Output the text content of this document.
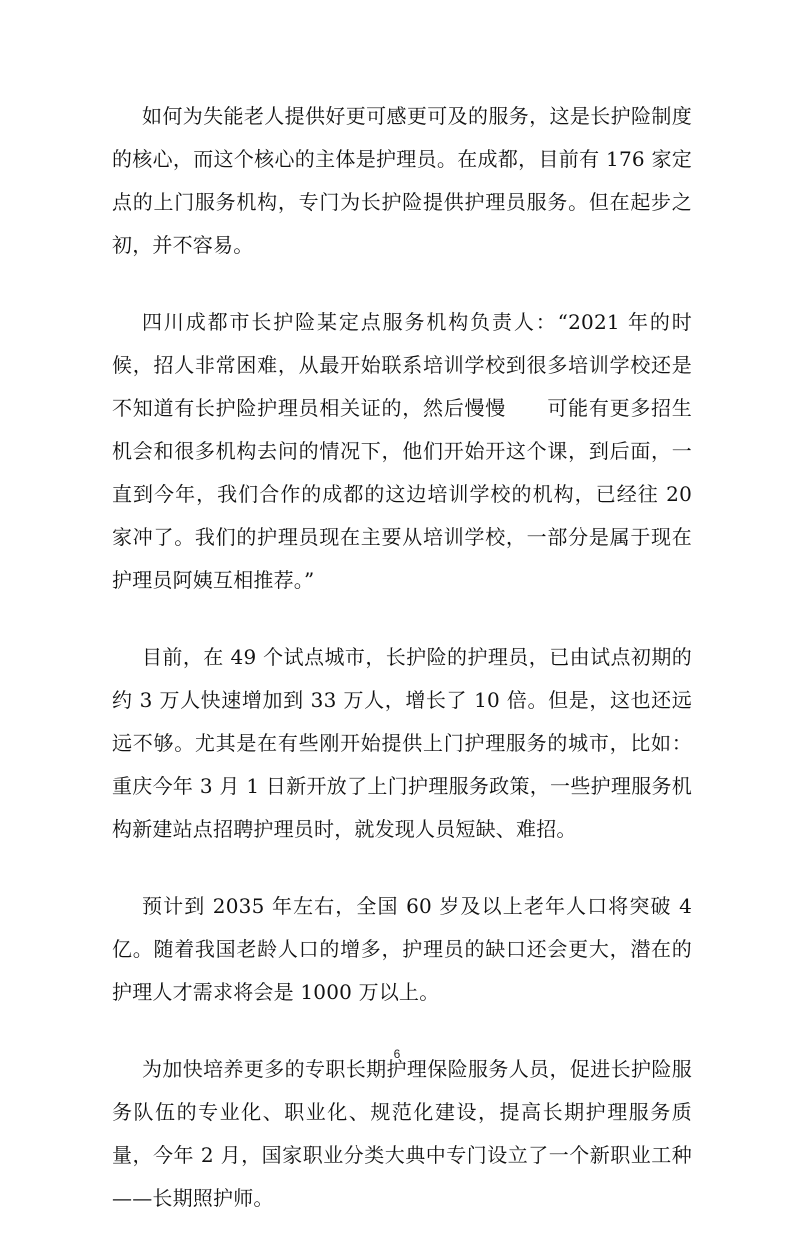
如何为失能老人提供好更可感更可及的服务，这是长护险制度的核心，而这个核心的主体是护理员。在成都，目前有 176 家定点的上门服务机构，专门为长护险提供护理员服务。但在起步之初，并不容易。

四川成都市长护险某定点服务机构负责人：“2021 年的时候，招人非常困难，从最开始联系培训学校到很多培训学校还是不知道有长护险护理员相关证的，然后慢慢　　可能有更多招生机会和很多机构去问的情况下，他们开始开这个课，到后面，一直到今年，我们合作的成都的这边培训学校的机构，已经往 20 家冲了。我们的护理员现在主要从培训学校，一部分是属于现在护理员阿姨互相推荐。”

目前，在 49 个试点城市，长护险的护理员，已由试点初期的约 3 万人快速增加到 33 万人，增长了 10 倍。但是，这也还远远不够。尤其是在有些刚开始提供上门护理服务的城市，比如：重庆今年 3 月 1 日新开放了上门护理服务政策，一些护理服务机构新建站点招聘护理员时，就发现人员短缺、难招。

预计到 2035 年左右，全国 60 岁及以上老年人口将突破 4 亿。随着我国老龄人口的增多，护理员的缺口还会更大，潜在的护理人才需求将会是 1000 万以上。

为加快培养更多的专职长期护理保险服务人员，促进长护险服务队伍的专业化、职业化、规范化建设，提高长期护理服务质量，今年 2 月，国家职业分类大典中专门设立了一个新职业工种——长期照护师。

6
